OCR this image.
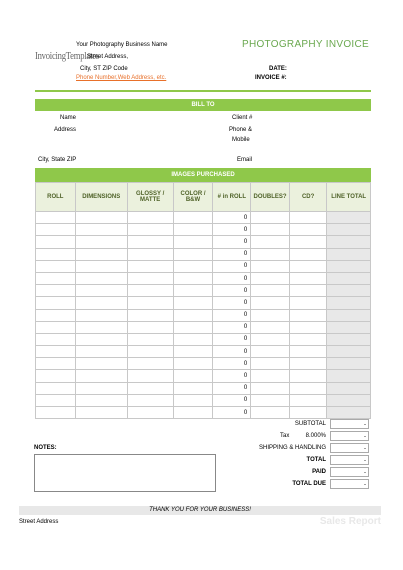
Your Photography Business Name
InvoicingTemplates
Street Address,
City, ST ZIP Code
Phone Number,Web Address, etc.
PHOTOGRAPHY INVOICE
DATE:
INVOICE #:
BILL TO
Name	Client #
Address	Phone &
Mobile
City, State ZIP	Email
IMAGES PURCHASED
ROLL	DIMENSIONS	GLOSSY / MATTE	COLOR / B&W	# in ROLL	DOUBLES?	CD?	LINE TOTAL
				0			
				0			
				0			
				0			
				0			
				0			
				0			
				0			
				0			
				0			
				0			
				0			
				0			
				0			
				0			
				0			
				0			
SUBTOTAL	-
Tax	8.000%	-
SHIPPING & HANDLING	-
TOTAL	-
PAID	-
TOTAL DUE	-
NOTES:
THANK YOU FOR YOUR BUSINESS!
Street Address	Sales Report
